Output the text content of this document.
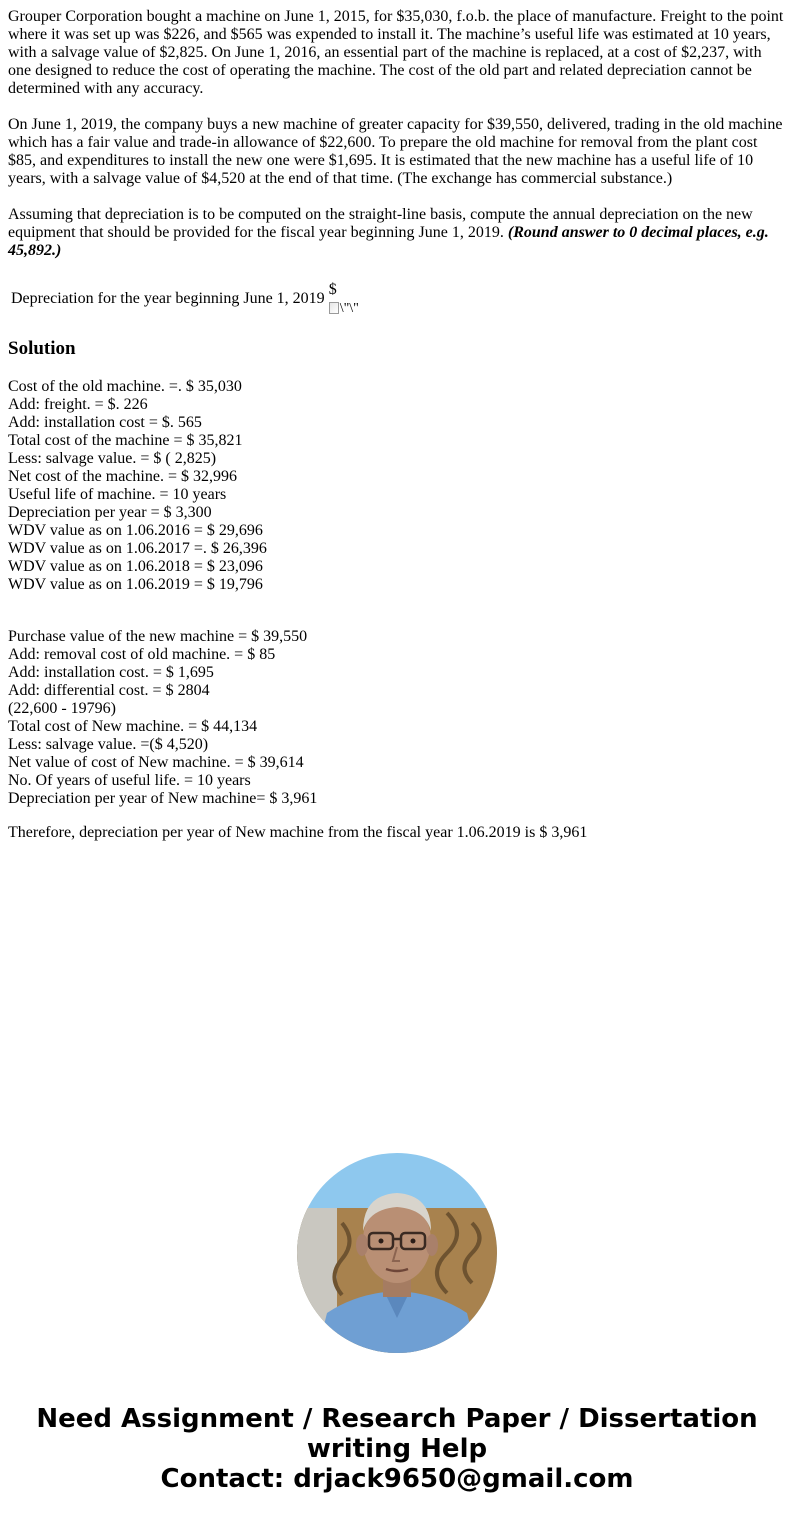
Grouper Corporation bought a machine on June 1, 2015, for $35,030, f.o.b. the place of manufacture. Freight to the point where it was set up was $226, and $565 was expended to install it. The machine’s useful life was estimated at 10 years, with a salvage value of $2,825. On June 1, 2016, an essential part of the machine is replaced, at a cost of $2,237, with one designed to reduce the cost of operating the machine. The cost of the old part and related depreciation cannot be determined with any accuracy.

On June 1, 2019, the company buys a new machine of greater capacity for $39,550, delivered, trading in the old machine which has a fair value and trade-in allowance of $22,600. To prepare the old machine for removal from the plant cost $85, and expenditures to install the new one were $1,695. It is estimated that the new machine has a useful life of 10 years, with a salvage value of $4,520 at the end of that time. (The exchange has commercial substance.)

Assuming that depreciation is to be computed on the straight-line basis, compute the annual depreciation on the new equipment that should be provided for the fiscal year beginning June 1, 2019. (Round answer to 0 decimal places, e.g. 45,892.)

Depreciation for the year beginning June 1, 2019	
$
\"\"
Solution
Cost of the old machine. =. $ 35,030
Add: freight. = $. 226
Add: installation cost = $. 565
Total cost of the machine = $ 35,821
Less: salvage value. = $ ( 2,825)
Net cost of the machine. = $ 32,996
Useful life of machine. = 10 years
Depreciation per year = $ 3,300
WDV value as on 1.06.2016 = $ 29,696
WDV value as on 1.06.2017 =. $ 26,396
WDV value as on 1.06.2018 = $ 23,096
WDV value as on 1.06.2019 = $ 19,796
Purchase value of the new machine = $ 39,550
Add: removal cost of old machine. = $ 85
Add: installation cost. = $ 1,695
Add: differential cost. = $ 2804
(22,600 - 19796)
Total cost of New machine. = $ 44,134
Less: salvage value. =($ 4,520)
Net value of cost of New machine. = $ 39,614
No. Of years of useful life. = 10 years
Depreciation per year of New machine= $ 3,961

Therefore, depreciation per year of New machine from the fiscal year 1.06.2019 is $ 3,961

Need Assignment / Research Paper / Dissertation
writing Help
Contact: drjack9650@gmail.com
